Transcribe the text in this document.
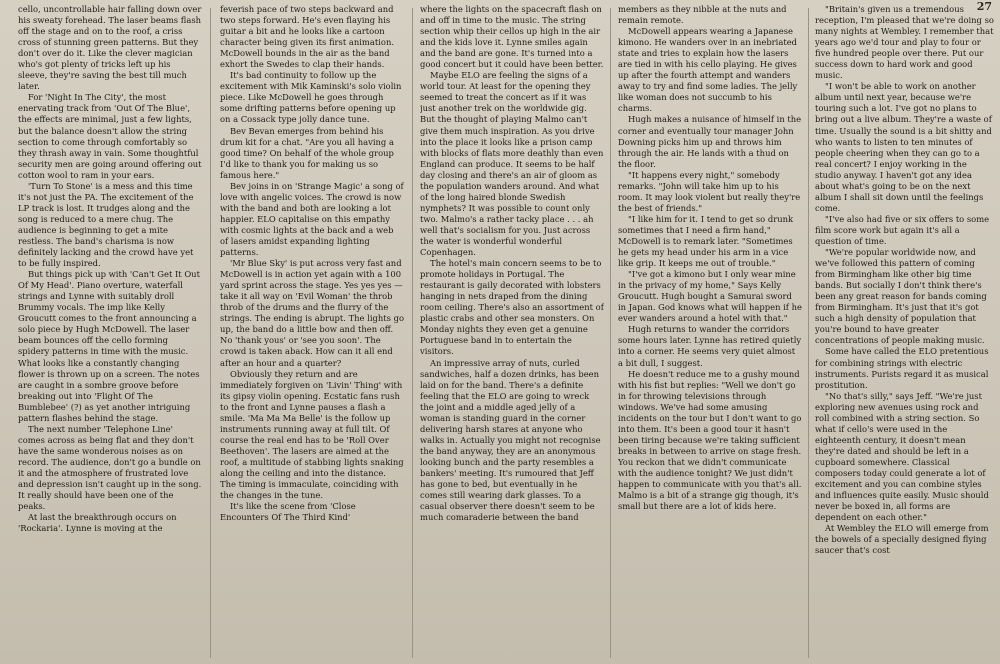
27

cello, uncontrollable hair falling down over his sweaty forehead. The laser beams flash off the stage and on to the roof, a criss cross of stunning green patterns. But they don't over do it. Like the clever magician who's got plenty of tricks left up his sleeve, they're saving the best till much later.

For 'Night In The City', the most enervating track from 'Out Of The Blue', the effects are minimal, just a few lights, but the balance doesn't allow the string section to come through comfortably so they thrash away in vain. Some thoughtful security men are going around offering out cotton wool to ram in your ears.

'Turn To Stone' is a mess and this time it's not just the PA. The excitement of the LP track is lost. It trudges along and the song is reduced to a mere chug. The audience is beginning to get a mite restless. The band's charisma is now definitely lacking and the crowd have yet to be fully inspired.

But things pick up with 'Can't Get It Out Of My Head'. Piano overture, waterfall strings and Lynne with suitably droll Brummy vocals. The imp like Kelly Groucutt comes to the front announcing a solo piece by Hugh McDowell. The laser beam bounces off the cello forming spidery patterns in time with the music. What looks like a constantly changing flower is thrown up on a screen. The notes are caught in a sombre groove before breaking out into 'Flight Of The Bumblebee' (?) as yet another intriguing pattern flashes behind the stage.

The next number 'Telephone Line' comes across as being flat and they don't have the same wonderous noises as on record. The audience, don't go a bundle on it and the atmosphere of frustrated love and depression isn't caught up in the song. It really should have been one of the peaks.

At last the breakthrough occurs on 'Rockaria'. Lynne is moving at the

feverish pace of two steps backward and two steps forward. He's even flaying his guitar a bit and he looks like a cartoon character being given its first animation. McDowell bounds in the air as the band exhort the Swedes to clap their hands.

It's bad continuity to follow up the excitement with Mik Kaminski's solo violin piece. Like McDowell he goes through some drifting patterns before opening up on a Cossack type jolly dance tune.

Bev Bevan emerges from behind his drum kit for a chat. "Are you all having a good time? On behalf of the whole group I'd like to thank you for making us so famous here."

Bev joins in on 'Strange Magic' a song of love with angelic voices. The crowd is now with the band and both are looking a lot happier. ELO capitalise on this empathy with cosmic lights at the back and a web of lasers amidst expanding lighting patterns.

'Mr Blue Sky' is put across very fast and McDowell is in action yet again with a 100 yard sprint across the stage. Yes yes yes — take it all way on 'Evil Woman' the throb throb of the drums and the flurry of the strings. The ending is abrupt. The lights go up, the band do a little bow and then off. No 'thank yous' or 'see you soon'. The crowd is taken aback. How can it all end after an hour and a quarter?

Obviously they return and are immediately forgiven on 'Livin' Thing' with its gipsy violin opening. Ecstatic fans rush to the front and Lynne pauses a flash a smile. 'Ma Ma Ma Belle' is the follow up instruments running away at full tilt. Of course the real end has to be 'Roll Over Beethoven'. The lasers are aimed at the roof, a multitude of stabbing lights snaking along the ceiling and into the distance. The timing is immaculate, coinciding with the changes in the tune.

It's like the scene from 'Close Encounters Of The Third Kind'

where the lights on the spacecraft flash on and off in time to the music. The string section whip their cellos up high in the air and the kids love it. Lynne smiles again and the band are gone. It's turned into a good concert but it could have been better.

Maybe ELO are feeling the signs of a world tour. At least for the opening they seemed to treat the concert as if it was just another trek on the worldwide gig. But the thought of playing Malmo can't give them much inspiration. As you drive into the place it looks like a prison camp with blocks of flats more deathly than even England can produce. It seems to be half day closing and there's an air of gloom as the population wanders around. And what of the long haired blonde Swedish nymphets? It was possible to count only two. Malmo's a rather tacky place . . . ah well that's socialism for you. Just across the water is wonderful wonderful Copenhagen.

The hotel's main concern seems to be to promote holidays in Portugal. The restaurant is gaily decorated with lobsters hanging in nets draped from the dining room ceiling. There's also an assortment of plastic crabs and other sea monsters. On Monday nights they even get a genuine Portuguese band in to entertain the visitors.

An impressive array of nuts, curled sandwiches, half a dozen drinks, has been laid on for the band. There's a definite feeling that the ELO are going to wreck the joint and a middle aged jelly of a woman is standing guard in the corner delivering harsh stares at anyone who walks in. Actually you might not recognise the band anyway, they are an anonymous looking bunch and the party resembles a bankers' meeting. It's rumoured that Jeff has gone to bed, but eventually in he comes still wearing dark glasses. To a casual observer there doesn't seem to be much comaraderie between the band

members as they nibble at the nuts and remain remote.

McDowell appears wearing a Japanese kimono. He wanders over in an inebriated state and tries to explain how the lasers are tied in with his cello playing. He gives up after the fourth attempt and wanders away to try and find some ladies. The jelly like woman does not succumb to his charms.

Hugh makes a nuisance of himself in the corner and eventually tour manager John Downing picks him up and throws him through the air. He lands with a thud on the floor.

"It happens every night," somebody remarks. "John will take him up to his room. It may look violent but really they're the best of friends."

"I like him for it. I tend to get so drunk sometimes that I need a firm hand," McDowell is to remark later. "Sometimes he gets my head under his arm in a vice like grip. It keeps me out of trouble."

"I've got a kimono but I only wear mine in the privacy of my home," Says Kelly Groucutt. Hugh bought a Samurai sword in Japan. God knows what will happen if he ever wanders around a hotel with that."

Hugh returns to wander the corridors some hours later. Lynne has retired quietly into a corner. He seems very quiet almost a bit dull, I suggest.

He doesn't reduce me to a gushy mound with his fist but replies: "Well we don't go in for throwing televisions through windows. We've had some amusing incidents on the tour but I don't want to go into them. It's been a good tour it hasn't been tiring because we're taking sufficient breaks in between to arrive on stage fresh. You reckon that we didn't communicate with the audience tonight? We just didn't happen to communicate with you that's all. Malmo is a bit of a strange gig though, it's small but there are a lot of kids here.

"Britain's given us a tremendous reception, I'm pleased that we're doing so many nights at Wembley. I remember that years ago we'd tour and play to four or five hundred people over there. Put our success down to hard work and good music.

"I won't be able to work on another album until next year, because we're touring such a lot. I've got no plans to bring out a live album. They're a waste of time. Usually the sound is a bit shitty and who wants to listen to ten minutes of people cheering when they can go to a real concert? I enjoy working in the studio anyway. I haven't got any idea about what's going to be on the next album I shall sit down until the feelings come.

"I've also had five or six offers to some film score work but again it's all a question of time.

"We're popular worldwide now, and we've followed this pattern of coming from Birmingham like other big time bands. But socially I don't think there's been any great reason for bands coming from Birmingham. It's just that it's got such a high density of population that you're bound to have greater concentrations of people making music.

Some have called the ELO pretentious for combining strings with electric instruments. Purists regard it as musical prostitution.

"No that's silly," says Jeff. "We're just exploring new avenues using rock and roll combined with a string section. So what if cello's were used in the eighteenth century, it doesn't mean they're dated and should be left in a cupboard somewhere. Classical composers today could generate a lot of excitement and you can combine styles and influences quite easily. Music should never be boxed in, all forms are dependent on each other."

At Wembley the ELO will emerge from the bowels of a specially designed flying saucer that's cost
